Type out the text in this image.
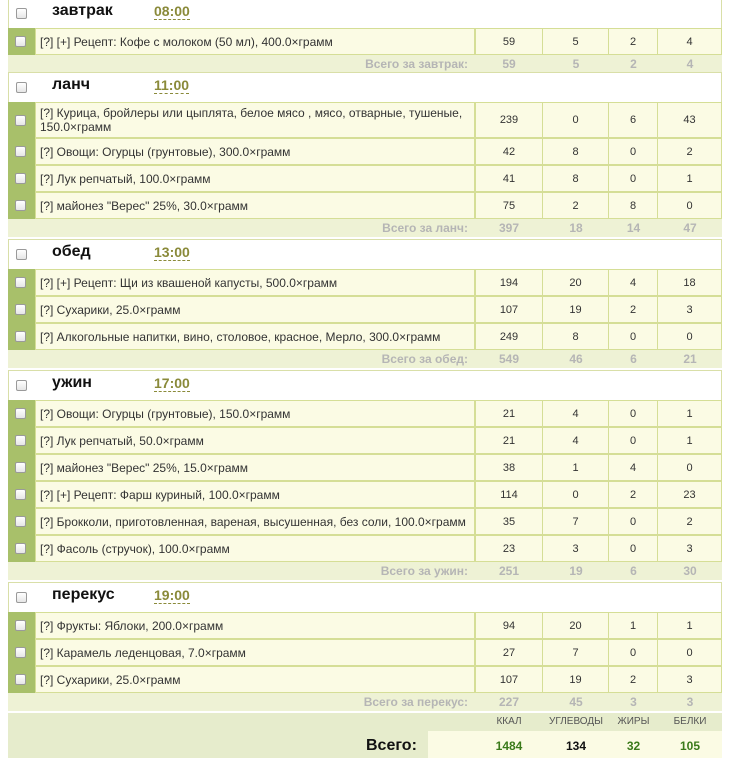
завтрак	08:00
[?] [+] Рецепт: Кофе с молоком (50 мл), 400.0×грамм	59	5	2	4
Всего за завтрак:	59	5	2	4
ланч	11:00
[?] Курица, бройлеры или цыплята, белое мясо , мясо, отварные, тушеные, 150.0×грамм	239	0	6	43
[?] Овощи: Огурцы (грунтовые), 300.0×грамм	42	8	0	2
[?] Лук репчатый, 100.0×грамм	41	8	0	1
[?] майонез "Верес" 25%, 30.0×грамм	75	2	8	0
Всего за ланч:	397	18	14	47
обед	13:00
[?] [+] Рецепт: Щи из квашеной капусты, 500.0×грамм	194	20	4	18
[?] Сухарики, 25.0×грамм	107	19	2	3
[?] Алкогольные напитки, вино, столовое, красное, Мерло, 300.0×грамм	249	8	0	0
Всего за обед:	549	46	6	21
ужин	17:00
[?] Овощи: Огурцы (грунтовые), 150.0×грамм	21	4	0	1
[?] Лук репчатый, 50.0×грамм	21	4	0	1
[?] майонез "Верес" 25%, 15.0×грамм	38	1	4	0
[?] [+] Рецепт: Фарш куриный, 100.0×грамм	114	0	2	23
[?] Брокколи, приготовленная, вареная, высушенная, без соли, 100.0×грамм	35	7	0	2
[?] Фасоль (стручок), 100.0×грамм	23	3	0	3
Всего за ужин:	251	19	6	30
перекус	19:00
[?] Фрукты: Яблоки, 200.0×грамм	94	20	1	1
[?] Карамель леденцовая, 7.0×грамм	27	7	0	0
[?] Сухарики, 25.0×грамм	107	19	2	3
Всего за перекус:	227	45	3	3
ККАЛ	УГЛЕВОДЫ	ЖИРЫ	БЕЛКИ
Всего:	1484	134	32	105
